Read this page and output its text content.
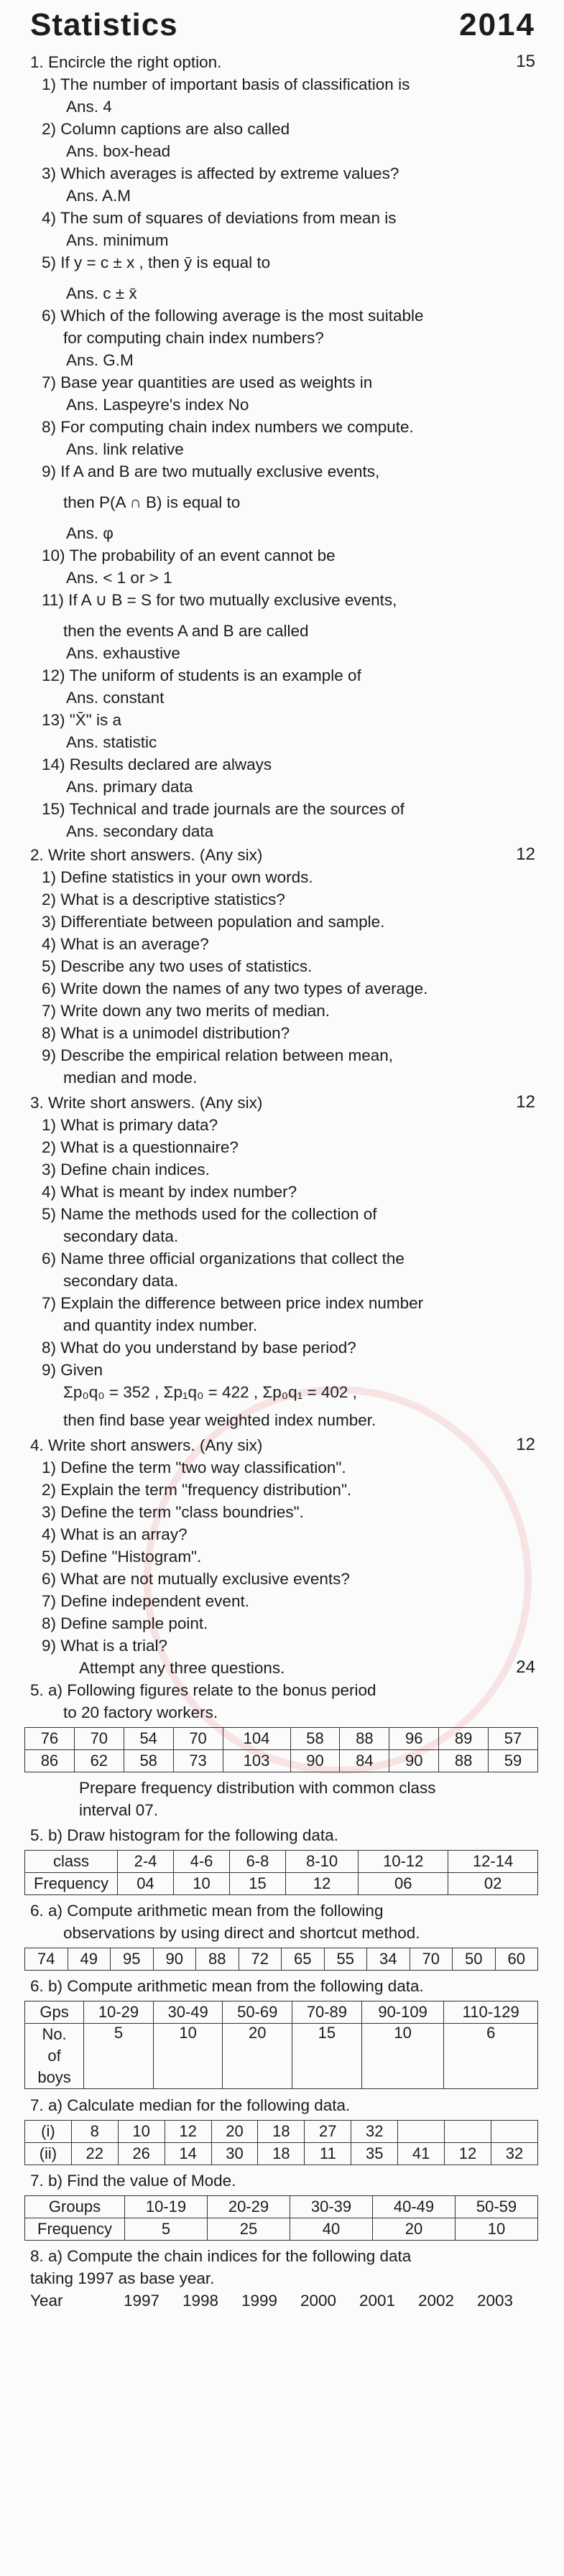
Statistics	2014
1. Encircle the right option.	15
1) The number of important basis of classification is
Ans. 4
2) Column captions are also called
Ans. box-head
3) Which averages is affected by extreme values?
Ans. A.M
4) The sum of squares of deviations from mean is
Ans. minimum
5) If y = c ± x , then ȳ is equal to
Ans. c ± x̄
6) Which of the following average is the most suitable
for computing chain index numbers?
Ans. G.M
7) Base year quantities are used as weights in
Ans. Laspeyre's index No
8) For computing chain index numbers we compute.
Ans. link relative
9) If A and B are two mutually exclusive events,
then P(A ∩ B) is equal to
Ans. φ
10) The probability of an event cannot be
Ans. < 1 or > 1
11) If A ∪ B = S for two mutually exclusive events,
then the events A and B are called
Ans. exhaustive
12) The uniform of students is an example of
Ans. constant
13) "X̄" is a
Ans. statistic
14) Results declared are always
Ans. primary data
15) Technical and trade journals are the sources of
Ans. secondary data
2. Write short answers. (Any six)	12
1) Define statistics in your own words.
2) What is a descriptive statistics?
3) Differentiate between population and sample.
4) What is an average?
5) Describe any two uses of statistics.
6) Write down the names of any two types of average.
7) Write down any two merits of median.
8) What is a unimodel distribution?
9) Describe the empirical relation between mean,
median and mode.
3. Write short answers. (Any six)	12
1) What is primary data?
2) What is a questionnaire?
3) Define chain indices.
4) What is meant by index number?
5) Name the methods used for the collection of
secondary data.
6) Name three official organizations that collect the
secondary data.
7) Explain the difference between price index number
and quantity index number.
8) What do you understand by base period?
9) Given
Σp₀q₀ = 352 , Σp₁q₀ = 422 , Σp₀q₁ = 402 ,
then find base year weighted index number.
4. Write short answers. (Any six)	12
1) Define the term "two way classification".
2) Explain the term "frequency distribution".
3) Define the term "class boundries".
4) What is an array?
5) Define "Histogram".
6) What are not mutually exclusive events?
7) Define independent event.
8) Define sample point.
9) What is a trial?
Attempt any three questions.	24
5. a) Following figures relate to the bonus period
to 20 factory workers.
76	70	54	70	104	58	88	96	89	57
86	62	58	73	103	90	84	90	88	59
Prepare frequency distribution with common class
interval 07.
5. b) Draw histogram for the following data.
class	2-4	4-6	6-8	8-10	10-12	12-14
Frequency	04	10	15	12	06	02
6. a) Compute arithmetic mean from the following
observations by using direct and shortcut method.
74	49	95	90	88	72	65	55	34	70	50	60
6. b) Compute arithmetic mean from the following data.
Gps	10-29	30-49	50-69	70-89	90-109	110-129

No.
of
boys	5	10	20	15	10	6
7. a) Calculate median for the following data.
(i)	8	10	12	20	18	27	32			
(ii)	22	26	14	30	18	11	35	41	12	32
7. b) Find the value of Mode.
Groups	10-19	20-29	30-39	40-49	50-59
Frequency	5	25	40	20	10
8. a) Compute the chain indices for the following data
taking 1997 as base year.
Year	1997 1998 1999 2000 2001 2002 2003
